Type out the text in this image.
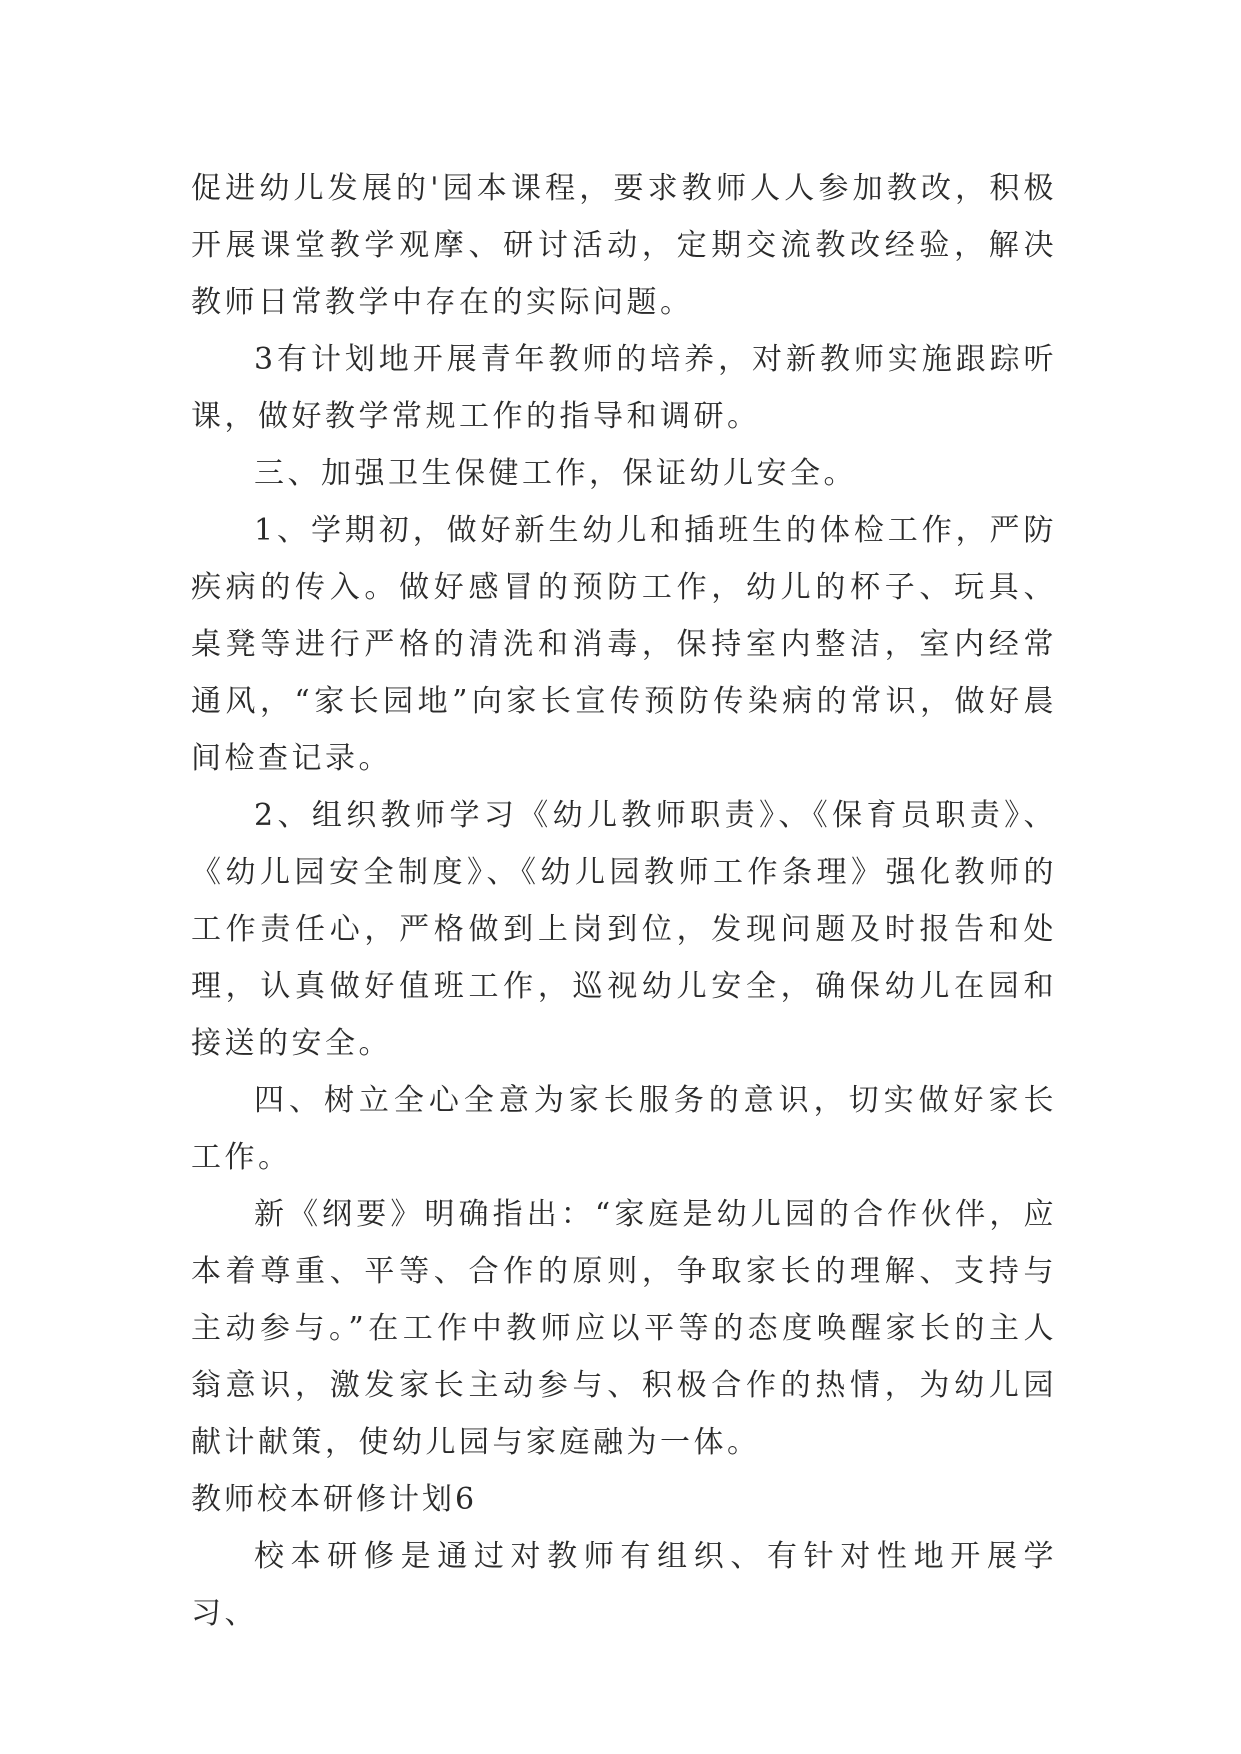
促进幼儿发展的'园本课程，要求教师人人参加教改，积极开展课堂教学观摩、研讨活动，定期交流教改经验，解决教师日常教学中存在的实际问题。

3有计划地开展青年教师的培养，对新教师实施跟踪听课，做好教学常规工作的指导和调研。

三、加强卫生保健工作，保证幼儿安全。

1、学期初，做好新生幼儿和插班生的体检工作，严防疾病的传入。做好感冒的预防工作，幼儿的杯子、玩具、桌凳等进行严格的清洗和消毒，保持室内整洁，室内经常通风，“家长园地”向家长宣传预防传染病的常识，做好晨间检查记录。

2、组织教师学习《幼儿教师职责》、《保育员职责》、《幼儿园安全制度》、《幼儿园教师工作条理》强化教师的工作责任心，严格做到上岗到位，发现问题及时报告和处理，认真做好值班工作，巡视幼儿安全，确保幼儿在园和接送的安全。

四、树立全心全意为家长服务的意识，切实做好家长工作。

新《纲要》明确指出：“家庭是幼儿园的合作伙伴，应本着尊重、平等、合作的原则，争取家长的理解、支持与主动参与。”在工作中教师应以平等的态度唤醒家长的主人翁意识，激发家长主动参与、积极合作的热情，为幼儿园献计献策，使幼儿园与家庭融为一体。

教师校本研修计划6

校本研修是通过对教师有组织、有针对性地开展学习、
